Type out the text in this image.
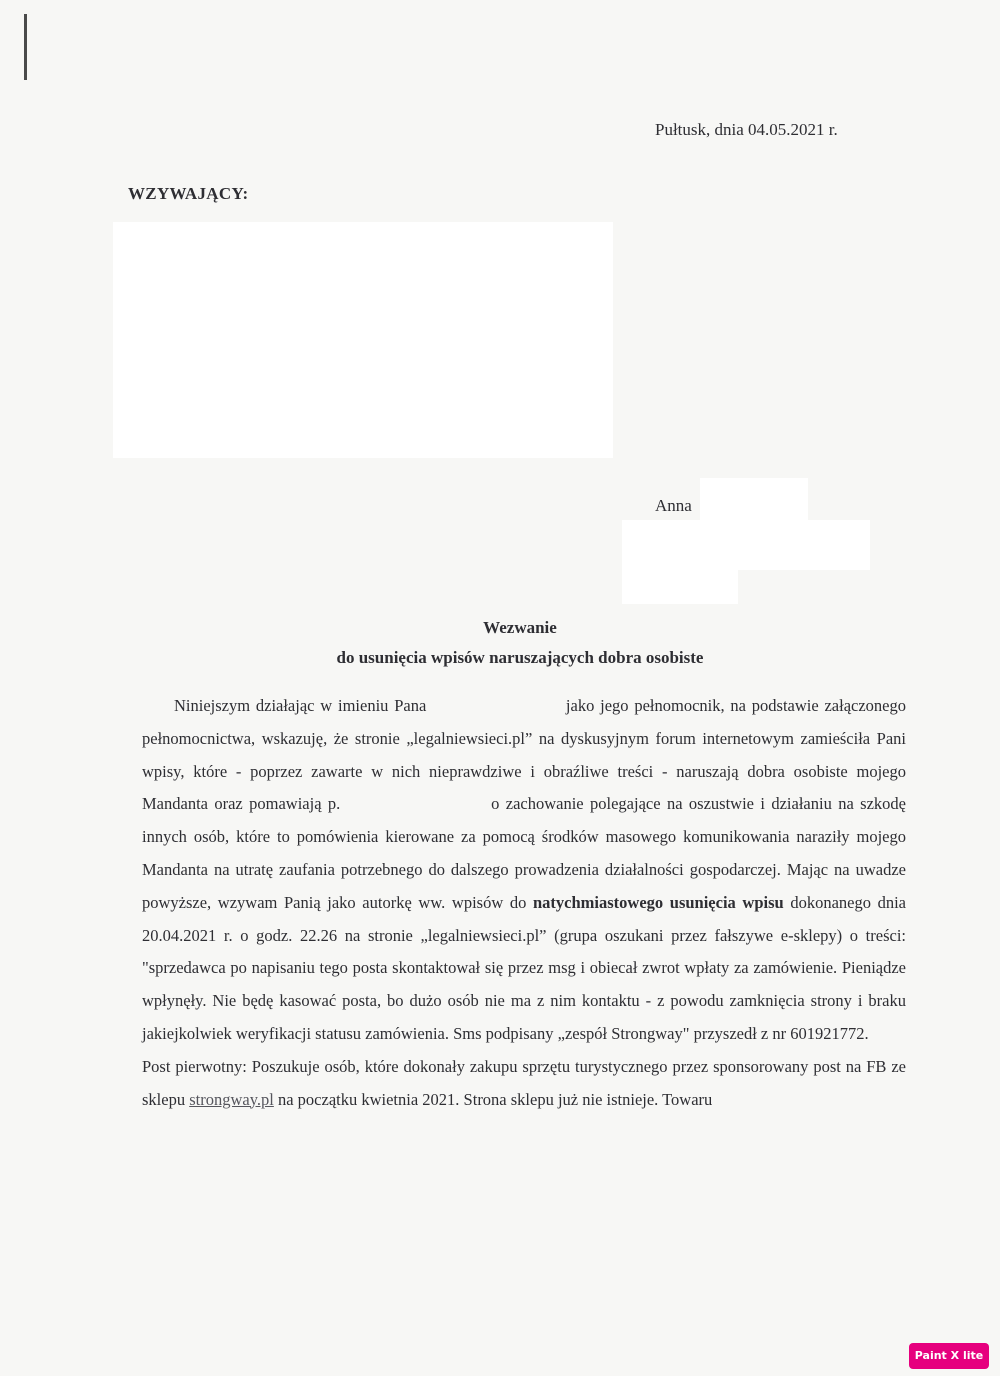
Pułtusk, dnia 04.05.2021 r.
WZYWAJĄCY:
Anna
Wezwanie
do usunięcia wpisów naruszających dobra osobiste

Niniejszym działając w imieniu Pana	jako jego pełnomocnik, na podstawie załączonego pełnomocnictwa, wskazuję, że stronie „legalniewsieci.pl” na dyskusyjnym forum internetowym zamieściła Pani wpisy, które - poprzez zawarte w nich nieprawdziwe i obraźliwe treści - naruszają dobra osobiste mojego Mandanta oraz pomawiają p.	o zachowanie polegające na oszustwie i działaniu na szkodę innych osób, które to pomówienia kierowane za pomocą środków masowego komunikowania naraziły mojego Mandanta na utratę zaufania potrzebnego do dalszego prowadzenia działalności gospodarczej. Mając na uwadze powyższe, wzywam Panią jako autorkę ww. wpisów do natychmiastowego usunięcia wpisu dokonanego dnia 20.04.2021 r. o godz. 22.26 na stronie „legalniewsieci.pl” (grupa oszukani przez fałszywe e-sklepy) o treści: "sprzedawca po napisaniu tego posta skontaktował się przez msg i obiecał zwrot wpłaty za zamówienie. Pieniądze wpłynęły. Nie będę kasować posta, bo dużo osób nie ma z nim kontaktu - z powodu zamknięcia strony i braku jakiejkolwiek weryfikacji statusu zamówienia. Sms podpisany „zespół Strongway" przyszedł z nr 601921772.

Post pierwotny: Poszukuje osób, które dokonały zakupu sprzętu turystycznego przez sponsorowany post na FB ze sklepu strongway.pl na początku kwietnia 2021. Strona sklepu już nie istnieje. Towaru

Paint X lite
